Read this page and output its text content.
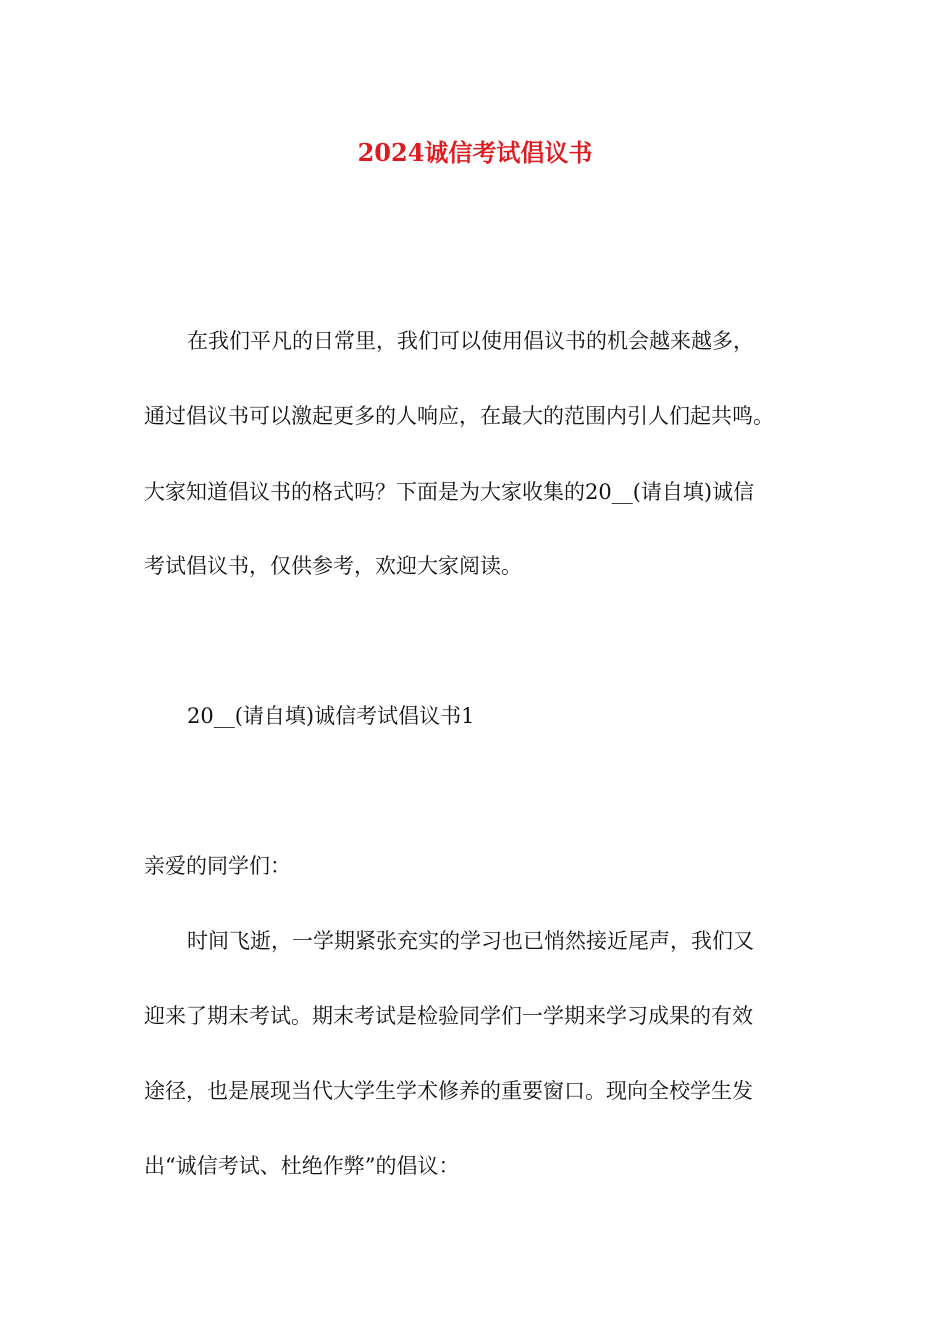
2024诚信考试倡议书

在我们平凡的日常里，我们可以使用倡议书的机会越来越多，

通过倡议书可以激起更多的人响应，在最大的范围内引人们起共鸣。

大家知道倡议书的格式吗？下面是为大家收集的20__(请自填)诚信

考试倡议书，仅供参考，欢迎大家阅读。

20__(请自填)诚信考试倡议书1

亲爱的同学们：

时间飞逝，一学期紧张充实的学习也已悄然接近尾声，我们又

迎来了期末考试。期末考试是检验同学们一学期来学习成果的有效

途径，也是展现当代大学生学术修养的重要窗口。现向全校学生发

出“诚信考试、杜绝作弊”的倡议：
